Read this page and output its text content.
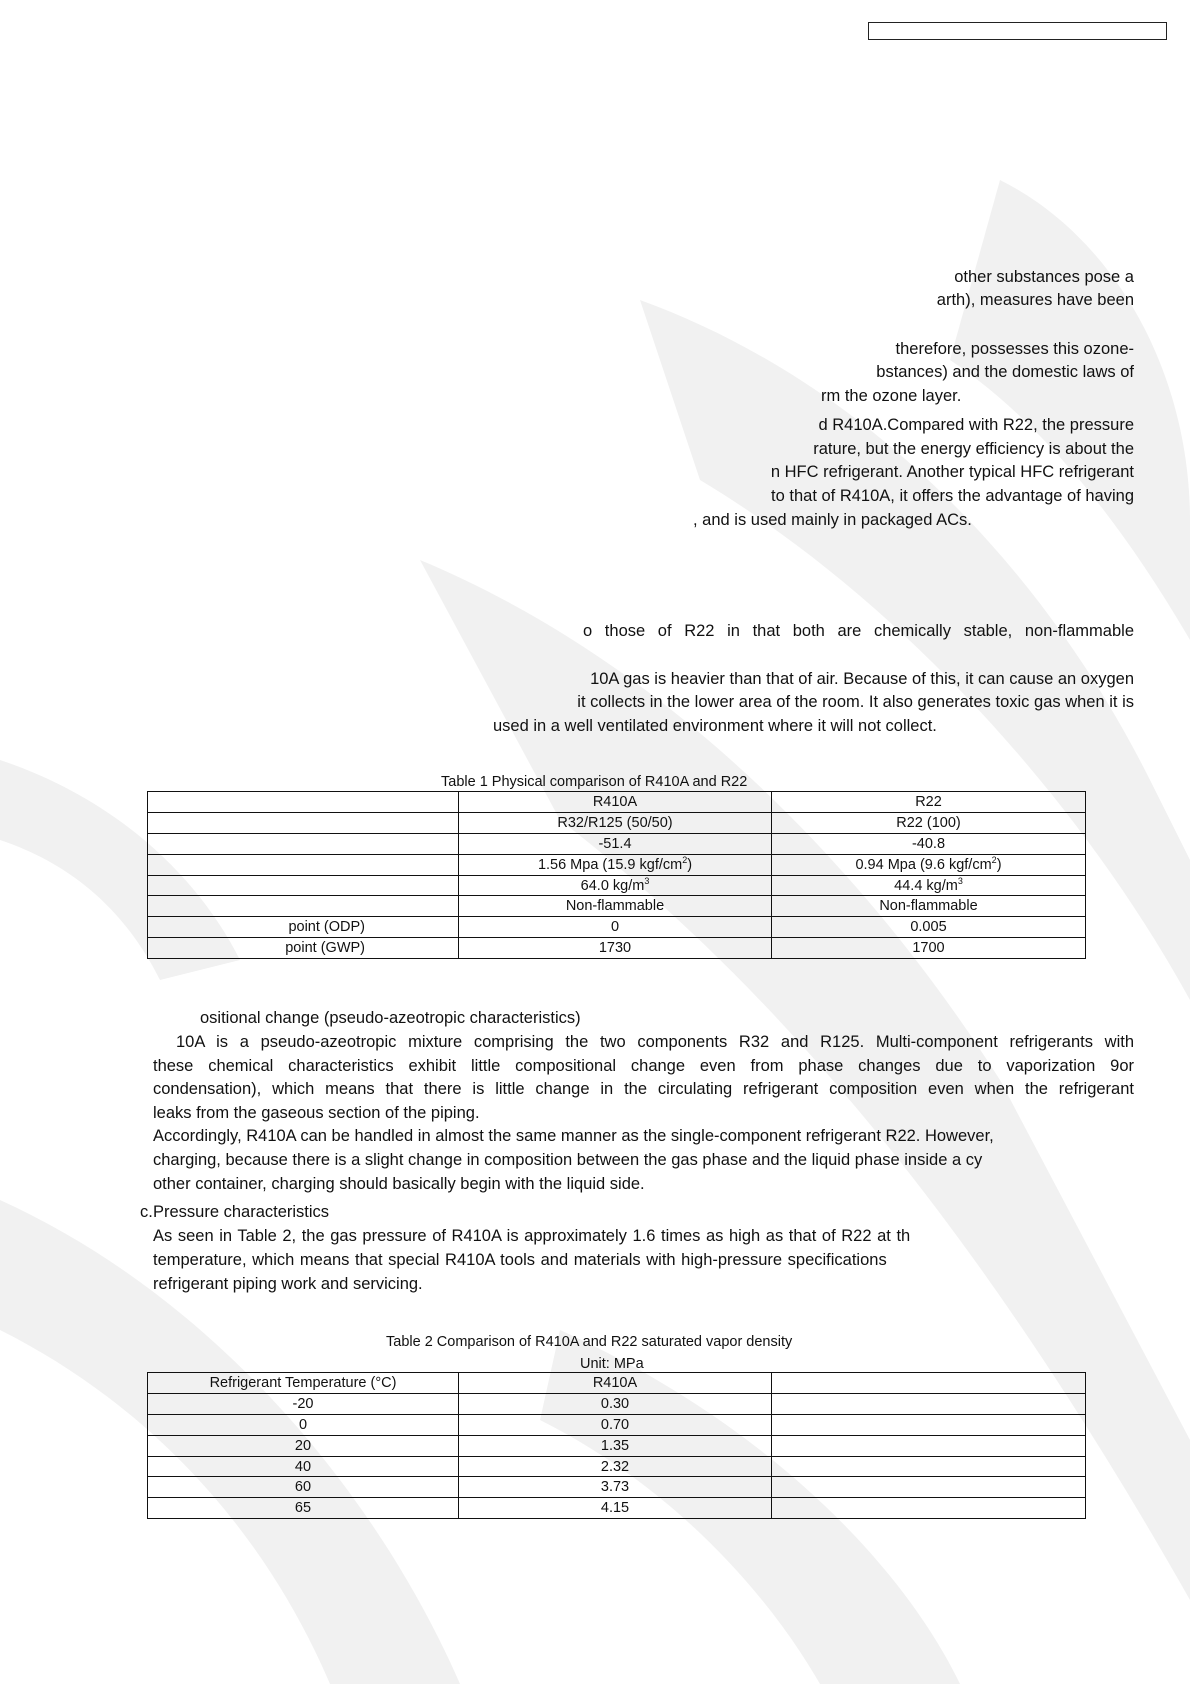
other substances pose a
arth), measures have been
therefore, possesses this ozone-
bstances) and the domestic laws of
rm the ozone layer.
d R410A.Compared with R22, the pressure
rature, but the energy efficiency is about the
n HFC refrigerant. Another typical HFC refrigerant
to that of R410A, it offers the advantage of having
, and is used mainly in packaged ACs.
o those of R22 in that both are chemically stable, non-flammable
10A gas is heavier than that of air. Because of this, it can cause an oxygen
it collects in the lower area of the room. It also generates toxic gas when it is
used in a well ventilated environment where it will not collect.
Table 1 Physical comparison of R410A and R22
	R410A	R22
	R32/R125 (50/50)	R22 (100)
	-51.4	-40.8
	1.56 Mpa (15.9 kgf/$cm^2$)	0.94 Mpa (9.6 kgf/$cm^2$)
	64.0 $kg/m^3$	44.4 $kg/m^3$
	Non-flammable	Non-flammable
point (ODP)	0	0.005
point (GWP)	1730	1700
ositional change (pseudo-azeotropic characteristics)
10A is a pseudo-azeotropic mixture comprising the two components R32 and R125. Multi-component refrigerants with
these chemical characteristics exhibit little compositional change even from phase changes due to vaporization 9or
condensation), which means that there is little change in the circulating refrigerant composition even when the refrigerant
leaks from the gaseous section of the piping.
Accordingly, R410A can be handled in almost the same manner as the single-component refrigerant R22. However,
charging, because there is a slight change in composition between the gas phase and the liquid phase inside a cy
other container, charging should basically begin with the liquid side.
c. Pressure characteristics
As seen in Table 2, the gas pressure of R410A is approximately 1.6 times as high as that of R22 at th
temperature, which means that special R410A tools and materials with high-pressure specifications
refrigerant piping work and servicing.
Table 2 Comparison of R410A and R22 saturated vapor density
Unit: MPa
Refrigerant Temperature (°C)	R410A	
-20	0.30	
0	0.70	
20	1.35	
40	2.32	
60	3.73	
65	4.15	
